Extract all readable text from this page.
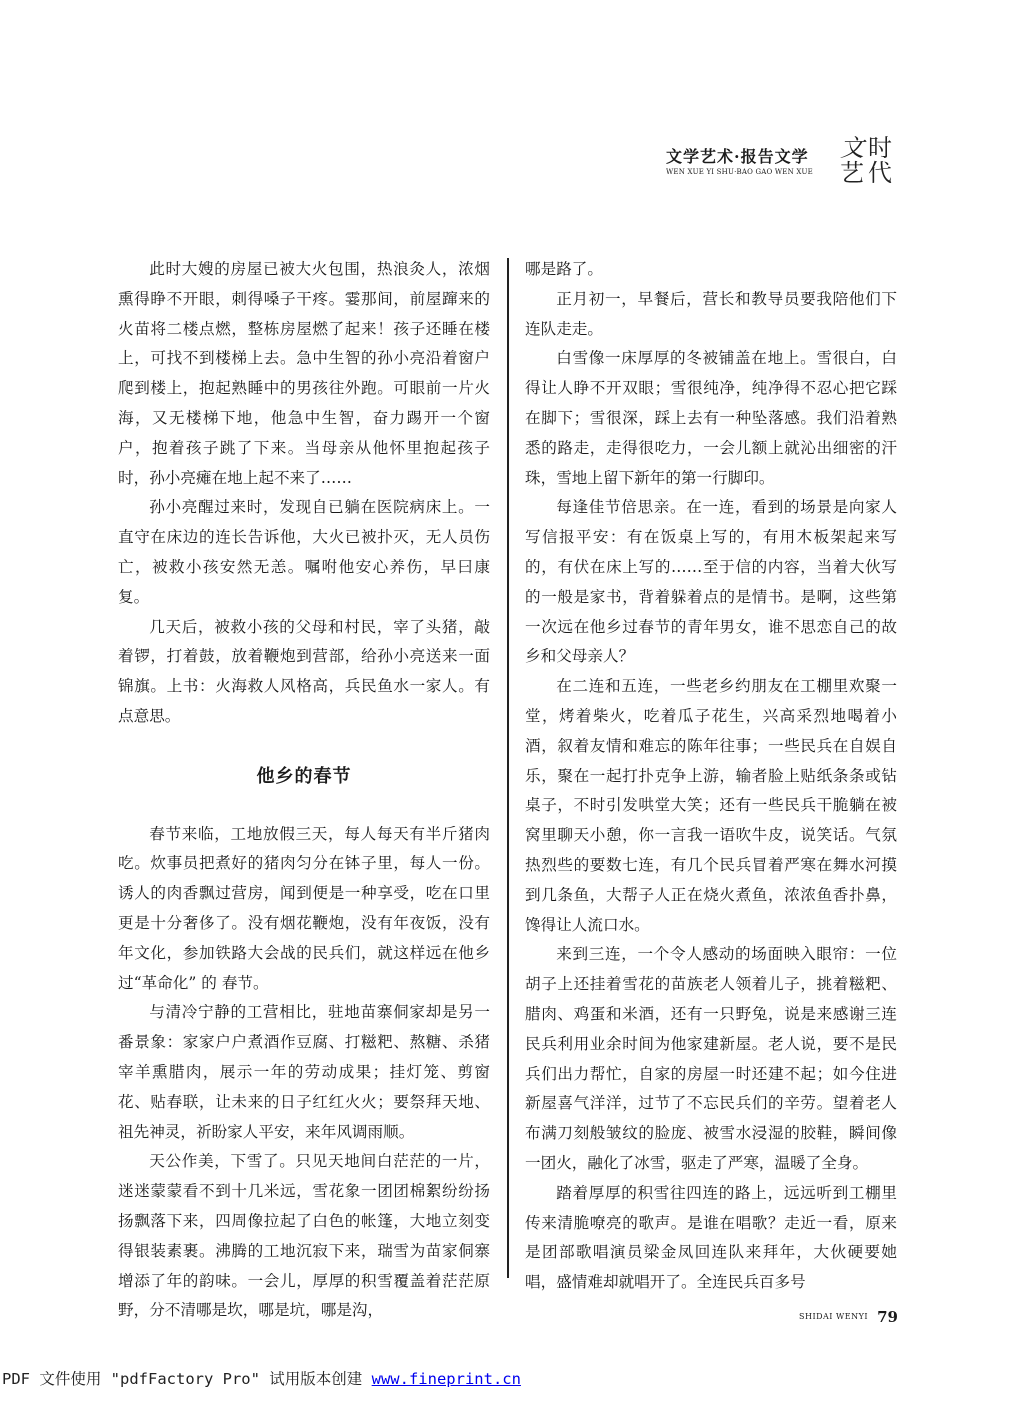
文学艺术·报告文学
WEN XUE YI SHU·BAO GAO WEN XUE
文 时
艺 代

此时大嫂的房屋已被大火包围，热浪灸人，浓烟熏得睁不开眼，刺得嗓子干疼。霎那间，前屋蹿来的火苗将二楼点燃，整栋房屋燃了起来！孩子还睡在楼上，可找不到楼梯上去。急中生智的孙小亮沿着窗户爬到楼上，抱起熟睡中的男孩往外跑。可眼前一片火海，又无楼梯下地，他急中生智，奋力踢开一个窗户，抱着孩子跳了下来。当母亲从他怀里抱起孩子时，孙小亮瘫在地上起不来了……

孙小亮醒过来时，发现自已躺在医院病床上。一直守在床边的连长告诉他，大火已被扑灭，无人员伤亡，被救小孩安然无恙。嘱咐他安心养伤，早曰康复。

几天后，被救小孩的父母和村民，宰了头猪，敲着锣，打着鼓，放着鞭炮到营部，给孙小亮送来一面锦旗。上书：火海救人风格高，兵民鱼水一家人。有点意思。

他乡的春节

春节来临，工地放假三天，每人每天有半斤猪肉吃。炊事员把煮好的猪肉匀分在钵子里，每人一份。诱人的肉香飘过营房，闻到便是一种享受，吃在口里更是十分奢侈了。没有烟花鞭炮，没有年夜饭，没有年文化，参加铁路大会战的民兵们，就这样远在他乡过“革命化” 的 春节。

与清冷宁静的工营相比，驻地苗寨侗家却是另一番景象：家家户户煮酒作豆腐、打糍粑、熬糖、杀猪宰羊熏腊肉，展示一年的劳动成果；挂灯笼、剪窗花、贴春联，让未来的日子红红火火；要祭拜天地、祖先神灵，祈盼家人平安，来年风调雨顺。

天公作美，下雪了。只见天地间白茫茫的一片，迷迷蒙蒙看不到十几米远，雪花象一团团棉絮纷纷扬扬飘落下来，四周像拉起了白色的帐篷，大地立刻变得银装素裹。沸腾的工地沉寂下来，瑞雪为苗家侗寨增添了年的韵味。一会儿，厚厚的积雪覆盖着茫茫原野，分不清哪是坎，哪是坑，哪是沟，

哪是路了。

正月初一，早餐后，营长和教导员要我陪他们下连队走走。

白雪像一床厚厚的冬被铺盖在地上。雪很白，白得让人睁不开双眼；雪很纯净，纯净得不忍心把它踩在脚下；雪很深，踩上去有一种坠落感。我们沿着熟悉的路走，走得很吃力，一会儿额上就沁出细密的汗珠，雪地上留下新年的第一行脚印。

每逢佳节倍思亲。在一连，看到的场景是向家人写信报平安：有在饭桌上写的，有用木板架起来写的，有伏在床上写的……至于信的内容，当着大伙写的一般是家书，背着躲着点的是情书。是啊，这些第一次远在他乡过春节的青年男女，谁不思恋自己的故乡和父母亲人？

在二连和五连，一些老乡约朋友在工棚里欢聚一堂，烤着柴火，吃着瓜子花生，兴高采烈地喝着小酒，叙着友情和难忘的陈年往事；一些民兵在自娱自乐，聚在一起打扑克争上游，输者脸上贴纸条条或钻桌子，不时引发哄堂大笑；还有一些民兵干脆躺在被窝里聊天小憩，你一言我一语吹牛皮，说笑话。气氛热烈些的要数七连，有几个民兵冒着严寒在舞水河摸到几条鱼，大帮子人正在烧火煮鱼，浓浓鱼香扑鼻，馋得让人流口水。

来到三连，一个令人感动的场面映入眼帘：一位胡子上还挂着雪花的苗族老人领着儿子，挑着糍粑、腊肉、鸡蛋和米酒，还有一只野兔，说是来感谢三连民兵利用业余时间为他家建新屋。老人说，要不是民兵们出力帮忙，自家的房屋一时还建不起；如今住进新屋喜气洋洋，过节了不忘民兵们的辛劳。望着老人布满刀刻般皱纹的脸庞、被雪水浸湿的胶鞋，瞬间像一团火，融化了冰雪，驱走了严寒，温暖了全身。

踏着厚厚的积雪往四连的路上，远远听到工棚里传来清脆嘹亮的歌声。是谁在唱歌？走近一看，原来是团部歌唱演员梁金凤回连队来拜年，大伙硬要她唱，盛情难却就唱开了。全连民兵百多号

SHIDAI WENYI 79
PDF 文件使用 "pdfFactory Pro" 试用版本创建 www.fineprint.cn
